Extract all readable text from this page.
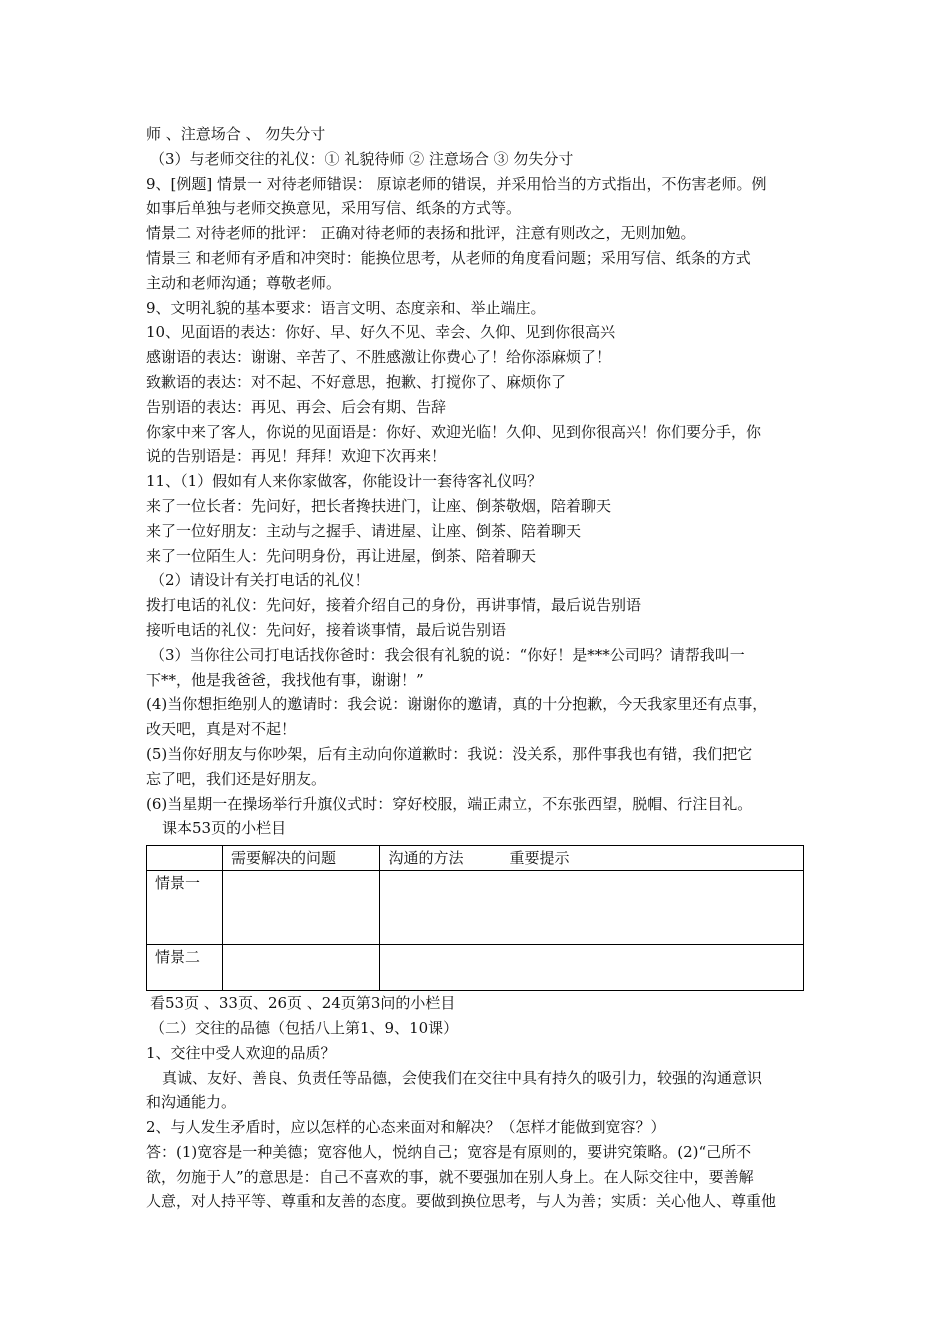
师 、注意场合 、 勿失分寸
（3）与老师交往的礼仪：① 礼貌待师 ② 注意场合 ③ 勿失分寸
9、[例题] 情景一 对待老师错误： 原谅老师的错误，并采用恰当的方式指出，不伤害老师。例
如事后单独与老师交换意见，采用写信、纸条的方式等。
情景二 对待老师的批评： 正确对待老师的表扬和批评，注意有则改之，无则加勉。
情景三 和老师有矛盾和冲突时：能换位思考，从老师的角度看问题；采用写信、纸条的方式
主动和老师沟通；尊敬老师。
9、文明礼貌的基本要求：语言文明、态度亲和、举止端庄。
10、见面语的表达：你好、早、好久不见、幸会、久仰、见到你很高兴
感谢语的表达：谢谢、辛苦了、不胜感激让你费心了！给你添麻烦了！
致歉语的表达：对不起、不好意思，抱歉、打搅你了、麻烦你了
告别语的表达：再见、再会、后会有期、告辞
你家中来了客人，你说的见面语是：你好、欢迎光临！久仰、见到你很高兴！你们要分手，你
说的告别语是：再见！拜拜！欢迎下次再来！
11、（1）假如有人来你家做客，你能设计一套待客礼仪吗？
来了一位长者：先问好，把长者搀扶进门，让座、倒茶敬烟，陪着聊天
来了一位好朋友：主动与之握手、请进屋、让座、倒茶、陪着聊天
来了一位陌生人：先问明身份，再让进屋，倒茶、陪着聊天
（2）请设计有关打电话的礼仪！
拨打电话的礼仪：先问好，接着介绍自己的身份，再讲事情，最后说告别语
接听电话的礼仪：先问好，接着谈事情，最后说告别语
（3）当你往公司打电话找你爸时：我会很有礼貌的说：“你好！是***公司吗？请帮我叫一
下**，他是我爸爸，我找他有事，谢谢！”
(4)当你想拒绝别人的邀请时：我会说：谢谢你的邀请，真的十分抱歉，今天我家里还有点事，
改天吧，真是对不起！
(5)当你好朋友与你吵架，后有主动向你道歉时：我说：没关系，那件事我也有错，我们把它
忘了吧，我们还是好朋友。
(6)当星期一在操场举行升旗仪式时：穿好校服，端正肃立，不东张西望，脱帽、行注目礼。
课本53页的小栏目
	需要解决的问题	沟通的方法 重要提示
情景一		
情景二		
看53页 、33页、26页 、24页第3问的小栏目
（二）交往的品德（包括八上第1、9、10课）
1、交往中受人欢迎的品质？
真诚、友好、善良、负责任等品德，会使我们在交往中具有持久的吸引力，较强的沟通意识
和沟通能力。
2、与人发生矛盾时，应以怎样的心态来面对和解决？（怎样才能做到宽容？）
答：(1)宽容是一种美德；宽容他人，悦纳自己；宽容是有原则的，要讲究策略。(2)“己所不
欲，勿施于人”的意思是：自己不喜欢的事，就不要强加在别人身上。在人际交往中，要善解
人意，对人持平等、尊重和友善的态度。要做到换位思考，与人为善；实质：关心他人、尊重他
